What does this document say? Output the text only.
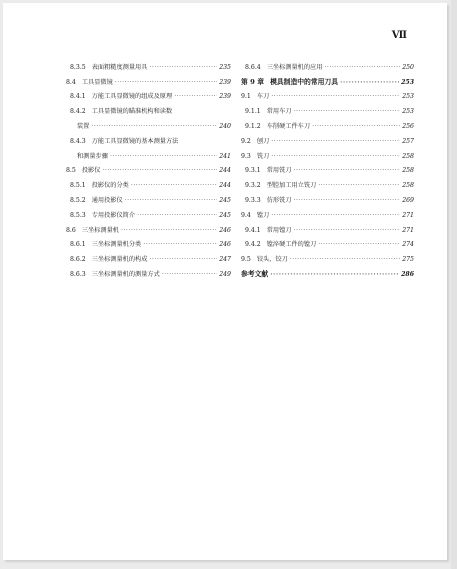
Ⅶ
8.3.5 表面粗糙度测量用具 ·····	235
8.4 工具显微镜 ·····	239
8.4.1 万能工具显微镜的组成及原理 ·····	239
8.4.2 工具显微镜的瞄准机构和读数
装置 ·····	240
8.4.3 万能工具显微镜的基本测量方法
和测量步骤 ·····	241
8.5 投影仪 ·····	244
8.5.1 投影仪的分类 ·····	244
8.5.2 通用投影仪 ·····	245
8.5.3 专用投影仪简介 ·····	245
8.6 三坐标测量机 ·····	246
8.6.1 三坐标测量机分类 ·····	246
8.6.2 三坐标测量机的构成 ·····	247
8.6.3 三坐标测量机的测量方式 ·····	249
8.6.4 三坐标测量机的应用 ·····	250
第 9 章 模具制造中的常用刀具 ·····	253
9.1 车刀 ·····	253
9.1.1 常用车刀 ·····	253
9.1.2 车削硬工件车刀 ·····	256
9.2 刨刀 ·····	257
9.3 铣刀 ·····	258
9.3.1 常用铣刀 ·····	258
9.3.2 型腔加工用立铣刀 ·····	258
9.3.3 仿形铣刀 ·····	269
9.4 镗刀 ·····	271
9.4.1 常用镗刀 ·····	271
9.4.2 镗淬硬工件的镗刀 ·····	274
9.5 铰头、铰刀 ·····	275
参考文献 ·····	286
